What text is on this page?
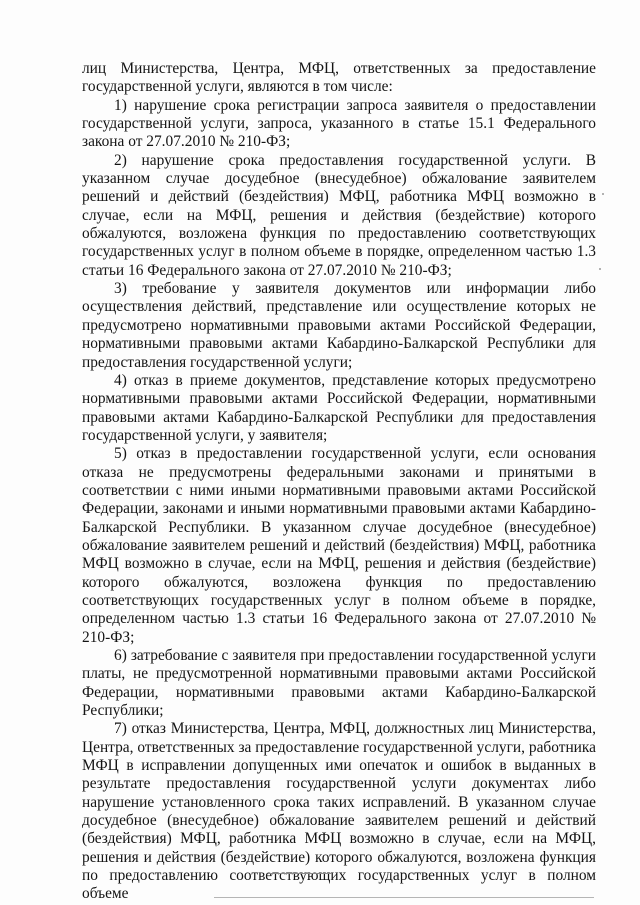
лиц Министерства, Центра, МФЦ, ответственных за предоставление государственной услуги, являются в том числе:

1) нарушение срока регистрации запроса заявителя о предоставлении государственной услуги, запроса, указанного в статье 15.1 Федерального закона от 27.07.2010 № 210-ФЗ;

2) нарушение срока предоставления государственной услуги. В указанном случае досудебное (внесудебное) обжалование заявителем решений и действий (бездействия) МФЦ, работника МФЦ возможно в случае, если на МФЦ, решения и действия (бездействие) которого обжалуются, возложена функция по предоставлению соответствующих государственных услуг в полном объеме в порядке, определенном частью 1.3 статьи 16 Федерального закона от 27.07.2010 № 210-ФЗ;

3) требование у заявителя документов или информации либо осуществления действий, представление или осуществление которых не предусмотрено нормативными правовыми актами Российской Федерации, нормативными правовыми актами Кабардино-Балкарской Республики для предоставления государственной услуги;

4) отказ в приеме документов, представление которых предусмотрено нормативными правовыми актами Российской Федерации, нормативными правовыми актами Кабардино-Балкарской Республики для предоставления государственной услуги, у заявителя;

5) отказ в предоставлении государственной услуги, если основания отказа не предусмотрены федеральными законами и принятыми в соответствии с ними иными нормативными правовыми актами Российской Федерации, законами и иными нормативными правовыми актами Кабардино-Балкарской Республики. В указанном случае досудебное (внесудебное) обжалование заявителем решений и действий (бездействия) МФЦ, работника МФЦ возможно в случае, если на МФЦ, решения и действия (бездействие) которого обжалуются, возложена функция по предоставлению соответствующих государственных услуг в полном объеме в порядке, определенном частью 1.3 статьи 16 Федерального закона от 27.07.2010 № 210-ФЗ;

6) затребование с заявителя при предоставлении государственной услуги платы, не предусмотренной нормативными правовыми актами Российской Федерации, нормативными правовыми актами Кабардино-Балкарской Республики;

7) отказ Министерства, Центра, МФЦ, должностных лиц Министерства, Центра, ответственных за предоставление государственной услуги, работника МФЦ в исправлении допущенных ими опечаток и ошибок в выданных в результате предоставления государственной услуги документах либо нарушение установленного срока таких исправлений. В указанном случае досудебное (внесудебное) обжалование заявителем решений и действий (бездействия) МФЦ, работника МФЦ возможно в случае, если на МФЦ, решения и действия (бездействие) которого обжалуются, возложена функция по предоставлению соответствующих государственных услуг в полном объеме
